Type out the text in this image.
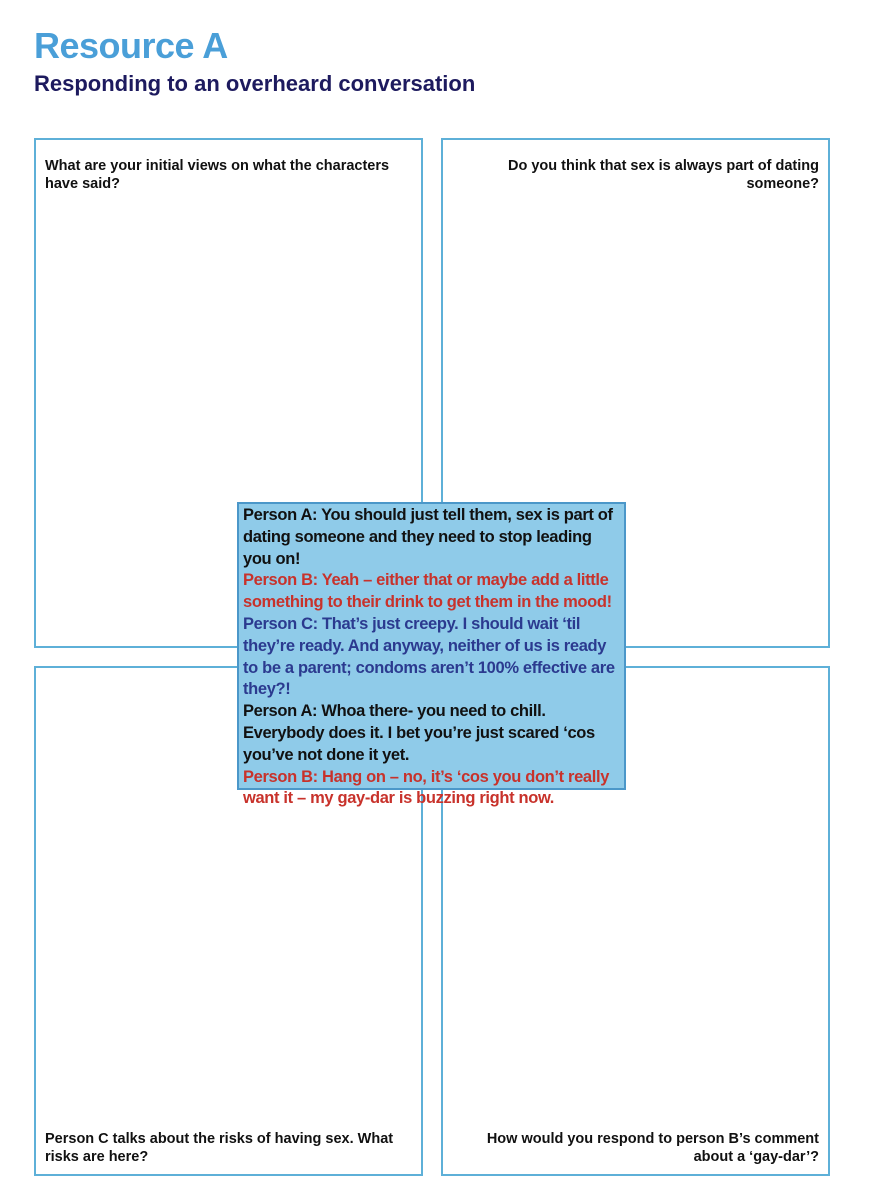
Resource A
Responding to an overheard conversation
What are your initial views on what the characters have said?
Do you think that sex is always part of dating someone?
Person C talks about the risks of having sex. What risks are here?
How would you respond to person B’s comment about a ‘gay-dar’?

Person A: You should just tell them, sex is part of dating someone and they need to stop leading you on!

Person B: Yeah – either that or maybe add a little something to their drink to get them in the mood!

Person C: That’s just creepy. I should wait ‘til they’re ready. And anyway, neither of us is ready to be a parent; condoms aren’t 100% effective are they?!

Person A: Whoa there- you need to chill. Everybody does it. I bet you’re just scared ‘cos you’ve not done it yet.

Person B: Hang on – no, it’s ‘cos you don’t really want it – my gay-dar is buzzing right now.
